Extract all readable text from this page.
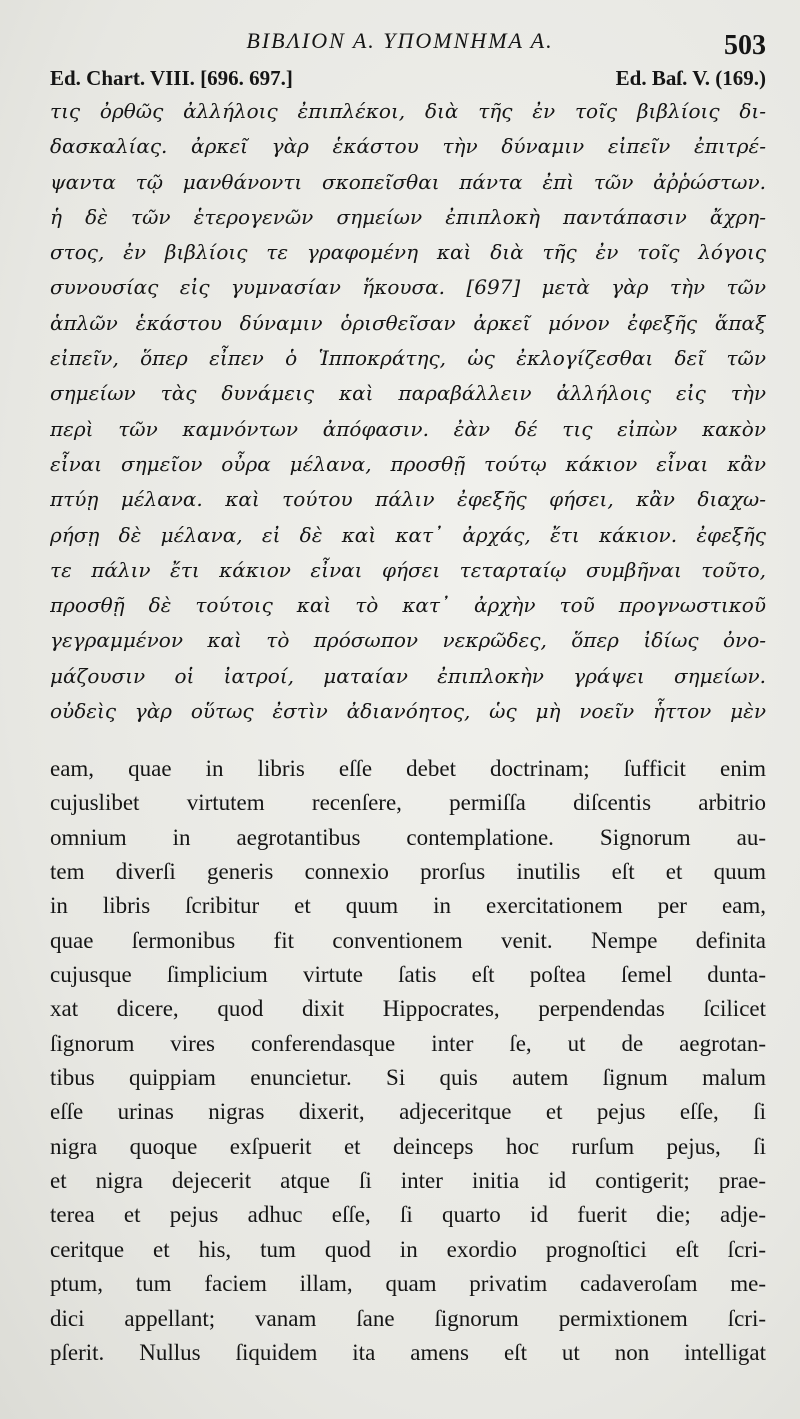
ΒΙΒΛΙΟΝ Α. ΥΠΟΜΝΗΜΑ Α.	503
Ed. Chart. VIII. [696. 697.]	Ed. Baſ. V. (169.)
τις ὀρθῶς ἀλλήλοις ἐπιπλέκοι, διὰ τῆς ἐν τοῖς βιβλίοις δι-
δασκαλίας. ἀρκεῖ γὰρ ἑκάστου τὴν δύναμιν εἰπεῖν ἐπιτρέ-
ψαντα τῷ μανθάνοντι σκοπεῖσθαι πάντα ἐπὶ τῶν ἀῤῥώστων.
ἡ δὲ τῶν ἑτερογενῶν σημείων ἐπιπλοκὴ παντάπασιν ἄχρη-
στος, ἐν βιβλίοις τε γραφομένη καὶ διὰ τῆς ἐν τοῖς λόγοις
συνουσίας εἰς γυμνασίαν ἥκουσα. [697] μετὰ γὰρ τὴν τῶν
ἁπλῶν ἑκάστου δύναμιν ὁρισθεῖσαν ἀρκεῖ μόνον ἐφεξῆς ἅπαξ
εἰπεῖν, ὅπερ εἶπεν ὁ Ἱπποκράτης, ὡς ἐκλογίζεσθαι δεῖ τῶν
σημείων τὰς δυνάμεις καὶ παραβάλλειν ἀλλήλοις εἰς τὴν
περὶ τῶν καμνόντων ἀπόφασιν. ἐὰν δέ τις εἰπὼν κακὸν
εἶναι σημεῖον οὖρα μέλανα, προσθῇ τούτῳ κάκιον εἶναι κἂν
πτύῃ μέλανα. καὶ τούτου πάλιν ἐφεξῆς φήσει, κἂν διαχω-
ρήσῃ δὲ μέλανα, εἰ δὲ καὶ κατ᾽ ἀρχάς, ἔτι κάκιον. ἐφεξῆς
τε πάλιν ἔτι κάκιον εἶναι φήσει τεταρταίῳ συμβῆναι τοῦτο,
προσθῇ δὲ τούτοις καὶ τὸ κατ᾽ ἀρχὴν τοῦ προγνωστικοῦ
γεγραμμένον καὶ τὸ πρόσωπον νεκρῶδες, ὅπερ ἰδίως ὀνο-
μάζουσιν οἱ ἰατροί, ματαίαν ἐπιπλοκὴν γράψει σημείων.
οὐδεὶς γὰρ οὕτως ἐστὶν ἀδιανόητος, ὡς μὴ νοεῖν ἧττον μὲν
eam, quae in libris eſſe debet doctrinam; ſufficit enim
cujuslibet virtutem recenſere, permiſſa diſcentis arbitrio
omnium in aegrotantibus contemplatione. Signorum au-
tem diverſi generis connexio prorſus inutilis eſt et quum
in libris ſcribitur et quum in exercitationem per eam,
quae ſermonibus fit conventionem venit. Nempe definita
cujusque ſimplicium virtute ſatis eſt poſtea ſemel dunta-
xat dicere, quod dixit Hippocrates, perpendendas ſcilicet
ſignorum vires conferendasque inter ſe, ut de aegrotan-
tibus quippiam enuncietur. Si quis autem ſignum malum
eſſe urinas nigras dixerit, adjeceritque et pejus eſſe, ſi
nigra quoque exſpuerit et deinceps hoc rurſum pejus, ſi
et nigra dejecerit atque ſi inter initia id contigerit; prae-
terea et pejus adhuc eſſe, ſi quarto id fuerit die; adje-
ceritque et his, tum quod in exordio prognoſtici eſt ſcri-
ptum, tum faciem illam, quam privatim cadaveroſam me-
dici appellant; vanam ſane ſignorum permixtionem ſcri-
pſerit. Nullus ſiquidem ita amens eſt ut non intelligat
